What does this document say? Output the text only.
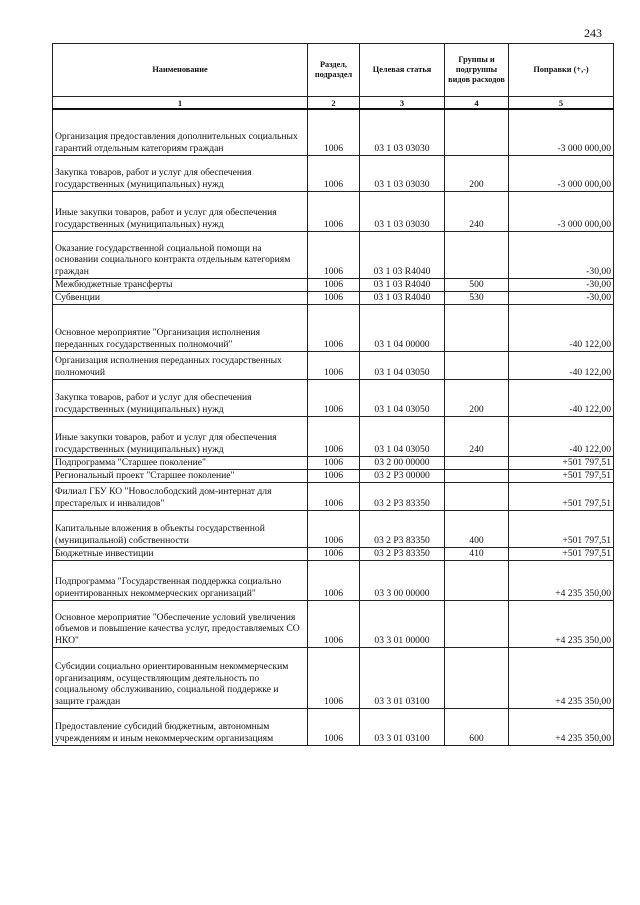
243
Наименование	Раздел, подраздел	Целевая статья	Группы и подгруппы видов расходов	Поправки (+,-)
1	2	3	4	5
Организация предоставления дополнительных социальных гарантий отдельным категориям граждан	1006	03 1 03 03030		-3 000 000,00
Закупка товаров, работ и услуг для обеспечения государственных (муниципальных) нужд	1006	03 1 03 03030	200	-3 000 000,00
Иные закупки товаров, работ и услуг для обеспечения государственных (муниципальных) нужд	1006	03 1 03 03030	240	-3 000 000,00
Оказание государственной социальной помощи на основании социального контракта отдельным категориям граждан	1006	03 1 03 R4040		-30,00
Межбюджетные трансферты	1006	03 1 03 R4040	500	-30,00
Субвенции	1006	03 1 03 R4040	530	-30,00
Основное мероприятие "Организация исполнения переданных государственных полномочий"	1006	03 1 04 00000		-40 122,00
Организация исполнения переданных государственных полномочий	1006	03 1 04 03050		-40 122,00
Закупка товаров, работ и услуг для обеспечения государственных (муниципальных) нужд	1006	03 1 04 03050	200	-40 122,00
Иные закупки товаров, работ и услуг для обеспечения государственных (муниципальных) нужд	1006	03 1 04 03050	240	-40 122,00
Подпрограмма "Старшее поколение"	1006	03 2 00 00000		+501 797,51
Региональный проект "Старшее поколение"	1006	03 2 P3 00000		+501 797,51
Филиал ГБУ КО "Новослободский дом-интернат для престарелых и инвалидов"	1006	03 2 P3 83350		+501 797,51
Капитальные вложения в объекты государственной (муниципальной) собственности	1006	03 2 P3 83350	400	+501 797,51
Бюджетные инвестиции	1006	03 2 P3 83350	410	+501 797,51
Подпрограмма "Государственная поддержка социально ориентированных некоммерческих организаций"	1006	03 3 00 00000		+4 235 350,00
Основное мероприятие "Обеспечение условий увеличения объемов и повышение качества услуг, предоставляемых СО НКО"	1006	03 3 01 00000		+4 235 350,00
Субсидии социально ориентированным некоммерческим организациям, осуществляющим деятельность по социальному обслуживанию, социальной поддержке и защите граждан	1006	03 3 01 03100		+4 235 350,00
Предоставление субсидий бюджетным, автономным учреждениям и иным некоммерческим организациям	1006	03 3 01 03100	600	+4 235 350,00
